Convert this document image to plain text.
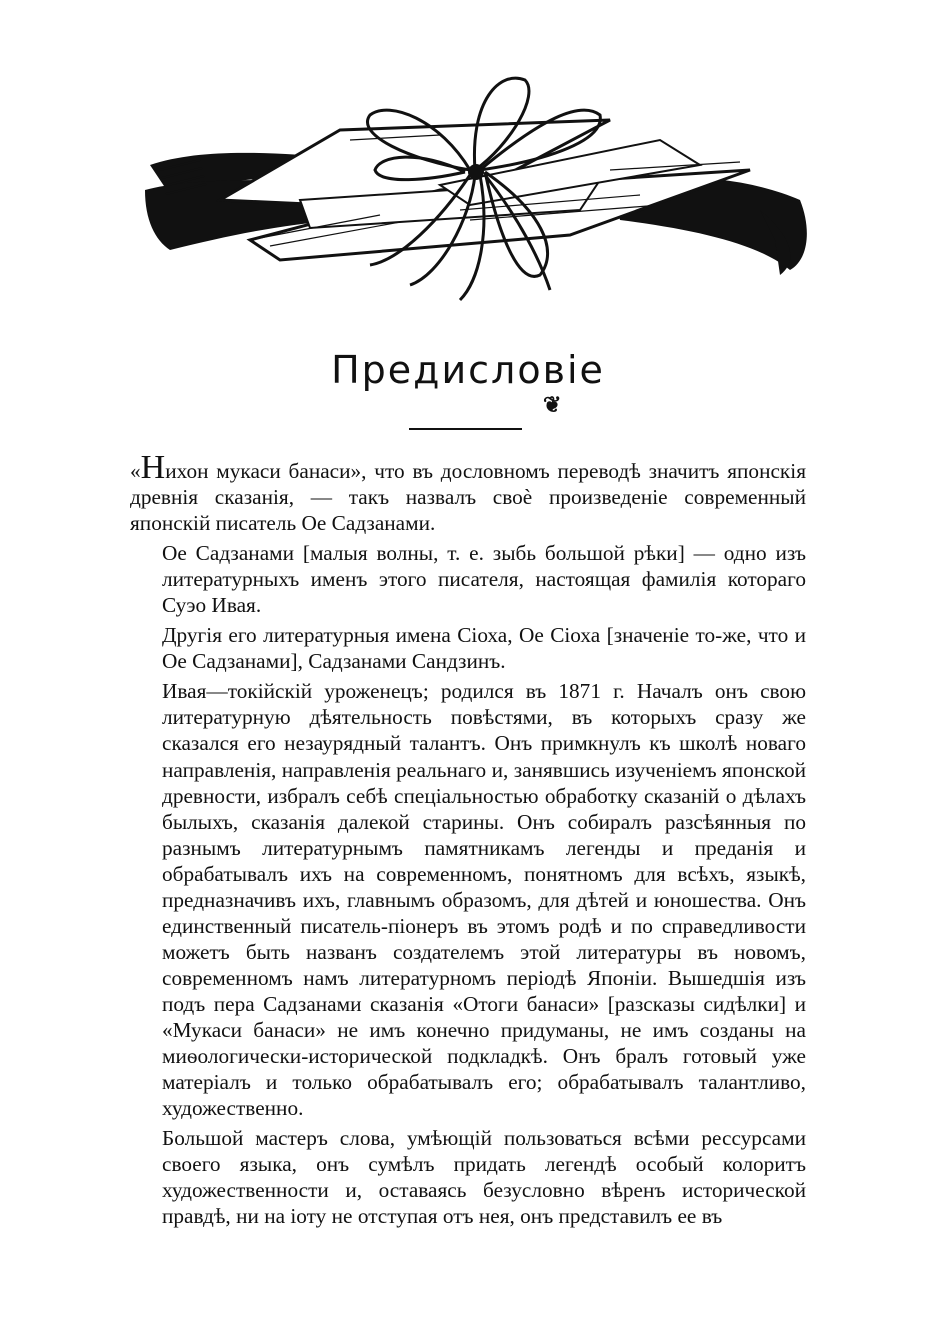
Предисловіе
❦

«Нихон мукаси банаси», что въ дословномъ переводѣ значитъ японскія древнія сказанія, — такъ назвалъ своѐ произведеніе современный японскій писатель Ое Садзанами.

Ое Садзанами [малыя волны, т. е. зыбь большой рѣки] — одно изъ литературныхъ именъ этого писателя, настоящая фамилія котораго Суэо Ивая.

Другія его литературныя имена Сіоха, Ое Сіоха [значеніе то-же, что и Ое Садзанами], Садзанами Сандзинъ.

Ивая—токійскій уроженецъ; родился въ 1871 г. Началъ онъ свою литературную дѣятельность повѣстями, въ которыхъ сразу же сказался его незаурядный талантъ. Онъ примкнулъ къ школѣ новаго направленія, направленія реальнаго и, занявшись изученіемъ японской древности, избралъ себѣ спеціальностью обработку сказаній о дѣлахъ былыхъ, сказанія далекой старины. Онъ собиралъ разсѣянныя по разнымъ литературнымъ памятникамъ легенды и преданія и обрабатывалъ ихъ на современномъ, понятномъ для всѣхъ, языкѣ, предназначивъ ихъ, главнымъ образомъ, для дѣтей и юношества. Онъ единственный писатель-піонеръ въ этомъ родѣ и по справедливости можетъ быть названъ создателемъ этой литературы въ новомъ, современномъ намъ литературномъ періодѣ Японіи. Вышедшія изъ подъ пера Садзанами сказанія «Отоги банаси» [разсказы сидѣлки] и «Мукаси банаси» не имъ конечно придуманы, не имъ созданы на миѳологически-исторической подкладкѣ. Онъ бралъ готовый уже матеріалъ и только обрабатывалъ его; обрабатывалъ талантливо, художественно.

Большой мастеръ слова, умѣющій пользоваться всѣми рессурсами своего языка, онъ сумѣлъ придать легендѣ особый колоритъ художественности и, оставаясь безусловно вѣренъ исторической правдѣ, ни на іоту не отступая отъ нея, онъ представилъ ее въ
